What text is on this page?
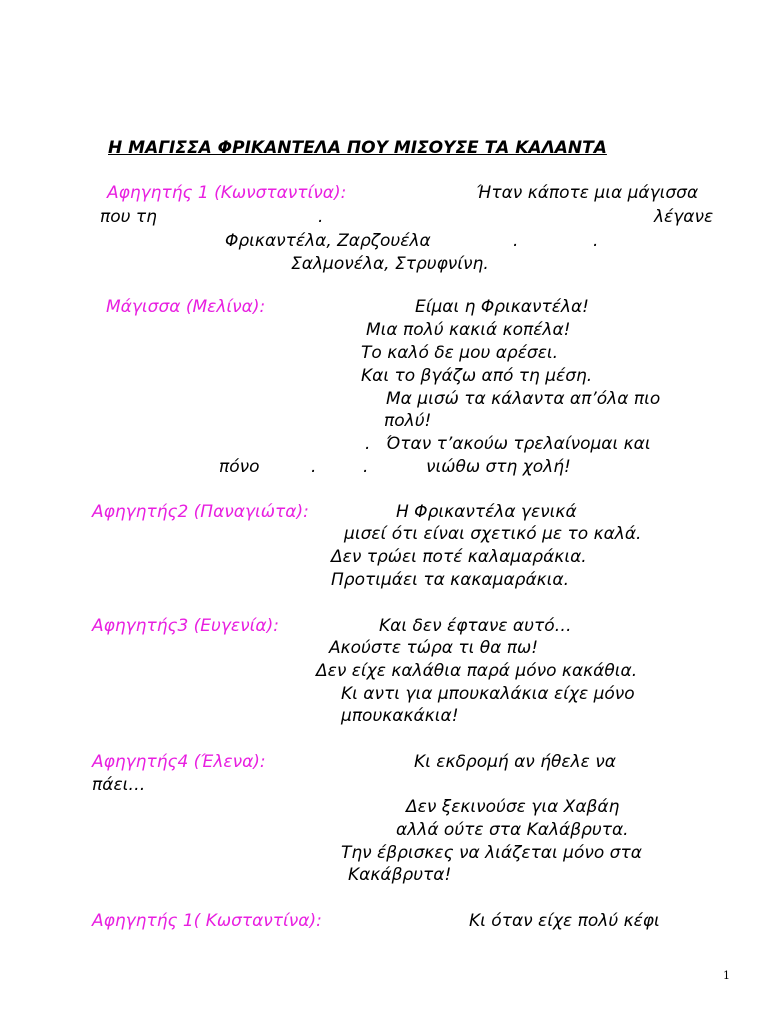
Η ΜΑΓΙΣΣΑ ΦΡΙΚΑΝΤΕΛΑ ΠΟΥ ΜΙΣΟΥΣΕ ΤΑ ΚΑΛΑΝΤΑ
Αφηγητής 1 (Κωνσταντίνα):	Ήταν κάποτε μια μάγισσα
που τη	.	λέγανε
Φρικαντέλα, Ζαρζουέλα	.	.
Σαλμονέλα, Στρυφνίνη.
Μάγισσα (Μελίνα):	Είμαι η Φρικαντέλα!
Μια πολύ κακιά κοπέλα!
Το καλό δε μου αρέσει.
Και το βγάζω από τη μέση.
Μα μισώ τα κάλαντα απ’όλα πιο
πολύ!
. Όταν τ’ακούω τρελαίνομαι και
πόνο	.	.	νιώθω στη χολή!
Αφηγητής2 (Παναγιώτα):	Η Φρικαντέλα γενικά
μισεί ότι είναι σχετικό με το καλά.
Δεν τρώει ποτέ καλαμαράκια.
Προτιμάει τα κακαμαράκια.
Αφηγητής3 (Ευγενία):	Και δεν έφτανε αυτό…
Ακούστε τώρα τι θα πω!
Δεν είχε καλάθια παρά μόνο κακάθια.
Κι αντι για μπουκαλάκια είχε μόνο
μπουκακάκια!
Αφηγητής4 (Έλενα):	Κι εκδρομή αν ήθελε να
πάει…
Δεν ξεκινούσε για Χαβάη
αλλά ούτε στα Καλάβρυτα.
Την έβρισκες να λιάζεται μόνο στα
Κακάβρυτα!
Αφηγητής 1( Κωσταντίνα):	Κι όταν είχε πολύ κέφι
1
